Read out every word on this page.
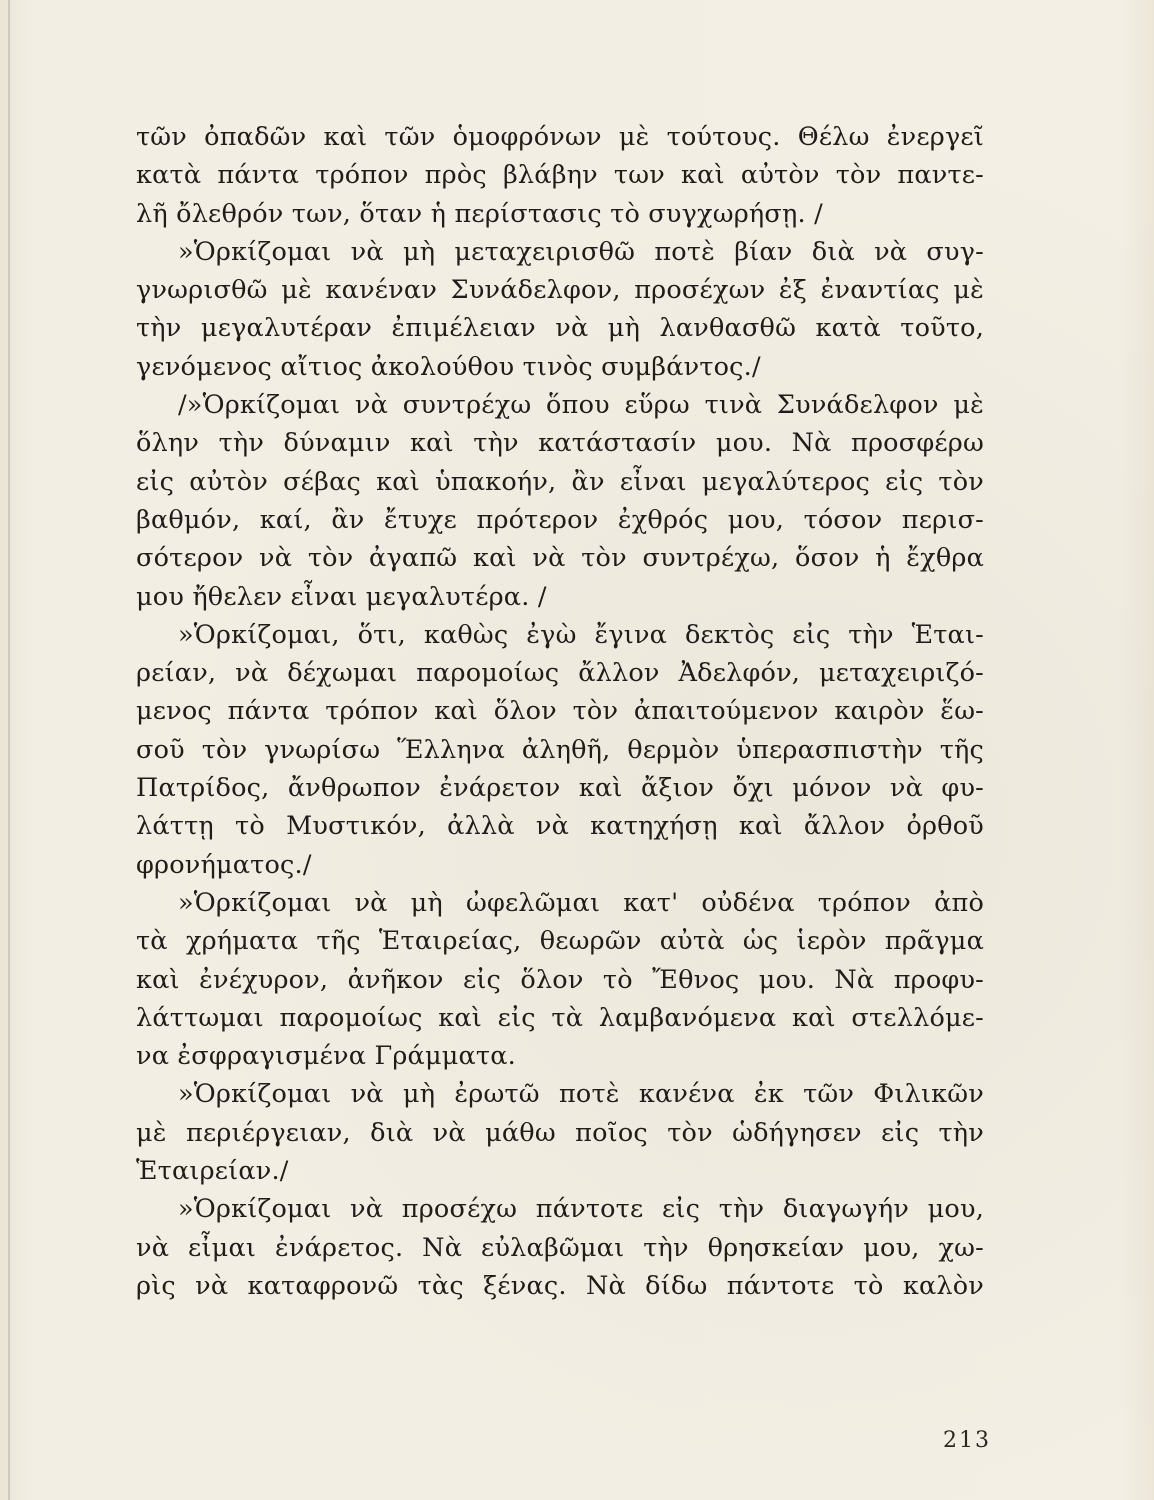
τῶν ὀπαδῶν καὶ τῶν ὁμοφρόνων μὲ τούτους. Θέλω ἐνεργεῖ
κατὰ πάντα τρόπον πρὸς βλάβην των καὶ αὐτὸν τὸν παντε-
λῆ ὄλεθρόν των, ὅταν ἡ περίστασις τὸ συγχωρήσῃ. /
»Ὁρκίζομαι νὰ μὴ μεταχειρισθῶ ποτὲ βίαν διὰ νὰ συγ-
γνωρισθῶ μὲ κανέναν Συνάδελφον, προσέχων ἐξ ἐναντίας μὲ
τὴν μεγαλυτέραν ἐπιμέλειαν νὰ μὴ λανθασθῶ κατὰ τοῦτο,
γενόμενος αἴτιος ἀκολούθου τινὸς συμβάντος./
/»Ὁρκίζομαι νὰ συντρέχω ὅπου εὕρω τινὰ Συνάδελφον μὲ
ὅλην τὴν δύναμιν καὶ τὴν κατάστασίν μου. Νὰ προσφέρω
εἰς αὐτὸν σέβας καὶ ὑπακοήν, ἂν εἶναι μεγαλύτερος εἰς τὸν
βαθμόν, καί, ἂν ἔτυχε πρότερον ἐχθρός μου, τόσον περισ-
σότερον νὰ τὸν ἀγαπῶ καὶ νὰ τὸν συντρέχω, ὅσον ἡ ἔχθρα
μου ἤθελεν εἶναι μεγαλυτέρα. /
»Ὁρκίζομαι, ὅτι, καθὼς ἐγὼ ἔγινα δεκτὸς εἰς τὴν Ἑται-
ρείαν, νὰ δέχωμαι παρομοίως ἄλλον Ἀδελφόν, μεταχειριζό-
μενος πάντα τρόπον καὶ ὅλον τὸν ἀπαιτούμενον καιρὸν ἕω-
σοῦ τὸν γνωρίσω Ἕλληνα ἀληθῆ, θερμὸν ὑπερασπιστὴν τῆς
Πατρίδος, ἄνθρωπον ἐνάρετον καὶ ἄξιον ὄχι μόνον νὰ φυ-
λάττῃ τὸ Μυστικόν, ἀλλὰ νὰ κατηχήσῃ καὶ ἄλλον ὀρθοῦ
φρονήματος./
»Ὁρκίζομαι νὰ μὴ ὠφελῶμαι κατ' οὐδένα τρόπον ἀπὸ
τὰ χρήματα τῆς Ἑταιρείας, θεωρῶν αὐτὰ ὡς ἱερὸν πρᾶγμα
καὶ ἐνέχυρον, ἀνῆκον εἰς ὅλον τὸ Ἔθνος μου. Νὰ προφυ-
λάττωμαι παρομοίως καὶ εἰς τὰ λαμβανόμενα καὶ στελλόμε-
να ἐσφραγισμένα Γράμματα.
»Ὁρκίζομαι νὰ μὴ ἐρωτῶ ποτὲ κανένα ἐκ τῶν Φιλικῶν
μὲ περιέργειαν, διὰ νὰ μάθω ποῖος τὸν ὡδήγησεν εἰς τὴν
Ἑταιρείαν./
»Ὁρκίζομαι νὰ προσέχω πάντοτε εἰς τὴν διαγωγήν μου,
νὰ εἶμαι ἐνάρετος. Νὰ εὐλαβῶμαι τὴν θρησκείαν μου, χω-
ρὶς νὰ καταφρονῶ τὰς ξένας. Νὰ δίδω πάντοτε τὸ καλὸν
213
